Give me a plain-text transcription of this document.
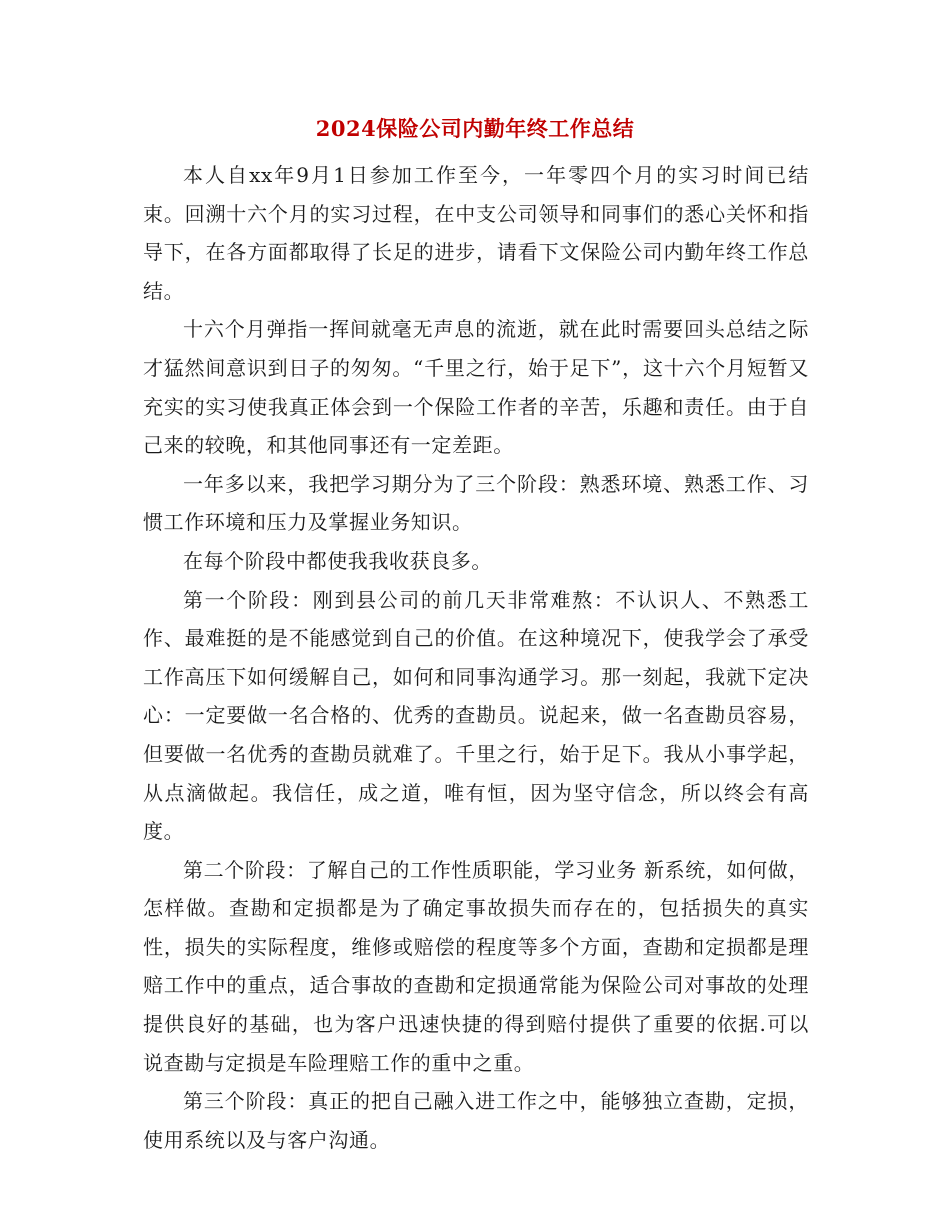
2024保险公司内勤年终工作总结

本人自xx年9月1日参加工作至今，一年零四个月的实习时间已结束。回溯十六个月的实习过程，在中支公司领导和同事们的悉心关怀和指导下，在各方面都取得了长足的进步，请看下文保险公司内勤年终工作总结。

十六个月弹指一挥间就毫无声息的流逝，就在此时需要回头总结之际才猛然间意识到日子的匆匆。“千里之行，始于足下”，这十六个月短暂又充实的实习使我真正体会到一个保险工作者的辛苦，乐趣和责任。由于自己来的较晚，和其他同事还有一定差距。

一年多以来，我把学习期分为了三个阶段：熟悉环境、熟悉工作、习惯工作环境和压力及掌握业务知识。

在每个阶段中都使我我收获良多。

第一个阶段：刚到县公司的前几天非常难熬：不认识人、不熟悉工作、最难挺的是不能感觉到自己的价值。在这种境况下，使我学会了承受工作高压下如何缓解自己，如何和同事沟通学习。那一刻起，我就下定决心：一定要做一名合格的、优秀的查勘员。说起来，做一名查勘员容易，但要做一名优秀的查勘员就难了。千里之行，始于足下。我从小事学起，从点滴做起。我信任，成之道，唯有恒，因为坚守信念，所以终会有高度。

第二个阶段：了解自己的工作性质职能，学习业务 新系统，如何做，怎样做。查勘和定损都是为了确定事故损失而存在的，包括损失的真实性，损失的实际程度，维修或赔偿的程度等多个方面，查勘和定损都是理赔工作中的重点，适合事故的查勘和定损通常能为保险公司对事故的处理提供良好的基础，也为客户迅速快捷的得到赔付提供了重要的依据.可以说查勘与定损是车险理赔工作的重中之重。

第三个阶段：真正的把自己融入进工作之中，能够独立查勘，定损，使用系统以及与客户沟通。
